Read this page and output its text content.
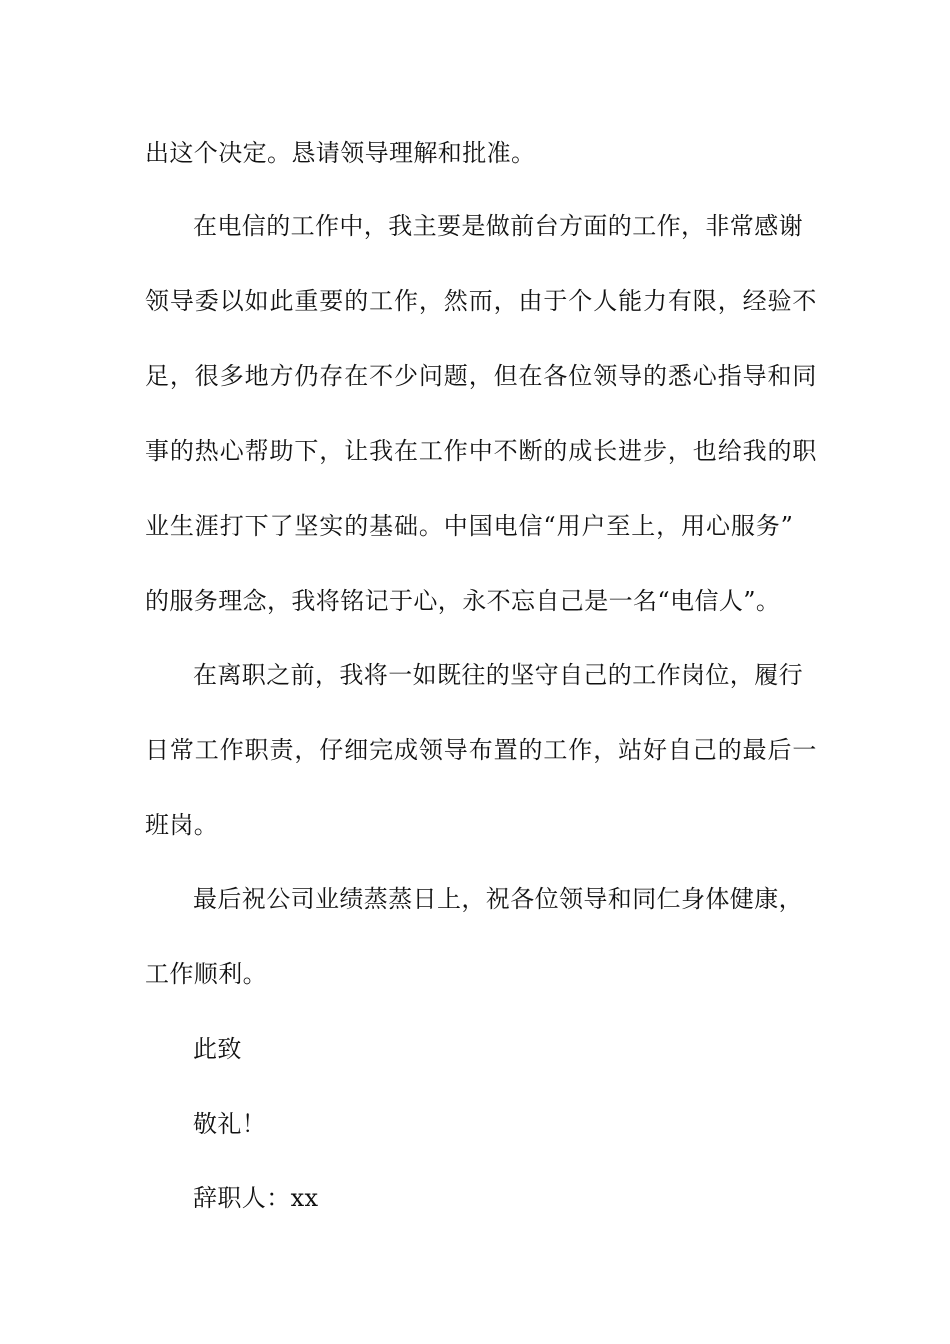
出这个决定。恳请领导理解和批准。

在电信的工作中，我主要是做前台方面的工作，非常感谢

领导委以如此重要的工作，然而，由于个人能力有限，经验不

足，很多地方仍存在不少问题，但在各位领导的悉心指导和同

事的热心帮助下，让我在工作中不断的成长进步，也给我的职

业生涯打下了坚实的基础。中国电信“用户至上，用心服务”

的服务理念，我将铭记于心，永不忘自己是一名“电信人”。

在离职之前，我将一如既往的坚守自己的工作岗位，履行

日常工作职责，仔细完成领导布置的工作，站好自己的最后一

班岗。

最后祝公司业绩蒸蒸日上，祝各位领导和同仁身体健康，

工作顺利。

此致

敬礼！

辞职人：xx
